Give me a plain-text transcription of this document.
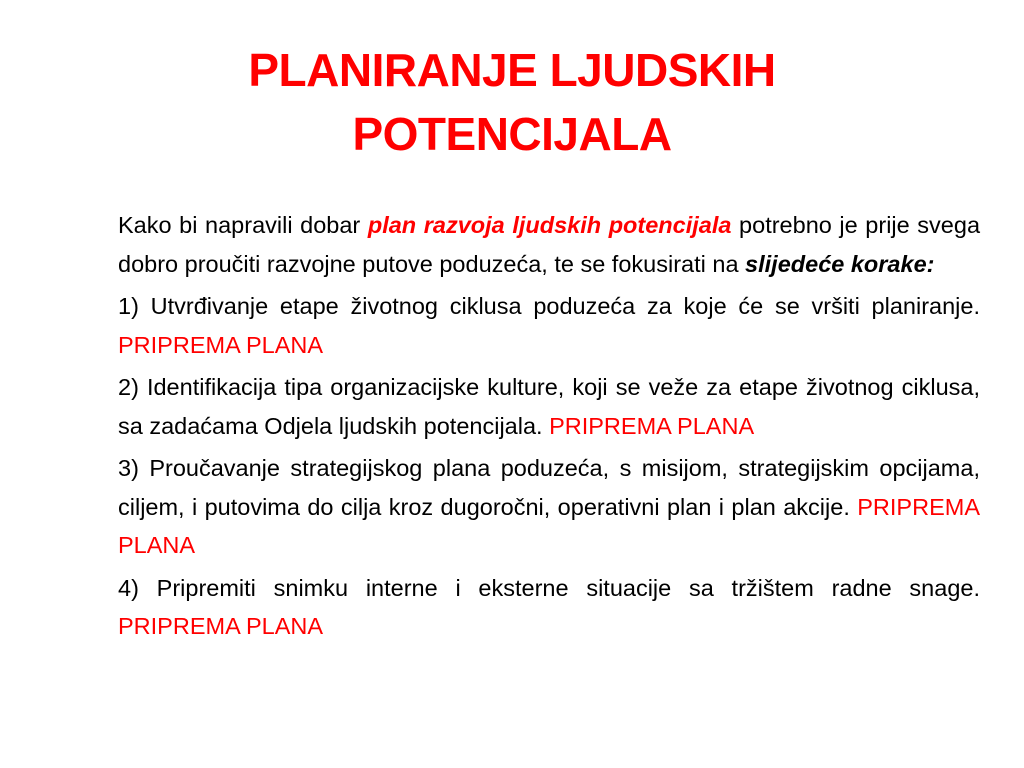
PLANIRANJE LJUDSKIH
POTENCIJALA

Kako bi napravili dobar plan razvoja ljudskih potencijala potrebno je prije svega dobro proučiti razvojne putove poduzeća, te se fokusirati na slijedeće korake:

1) Utvrđivanje etape životnog ciklusa poduzeća za koje će se vršiti planiranje. PRIPREMA PLANA

2) Identifikacija tipa organizacijske kulture, koji se veže za etape životnog ciklusa, sa zadaćama Odjela ljudskih potencijala. PRIPREMA PLANA

3) Proučavanje strategijskog plana poduzeća, s misijom, strategijskim opcijama, ciljem, i putovima do cilja kroz dugoročni, operativni plan i plan akcije. PRIPREMA PLANA

4) Pripremiti snimku interne i eksterne situacije sa tržištem radne snage. PRIPREMA PLANA
